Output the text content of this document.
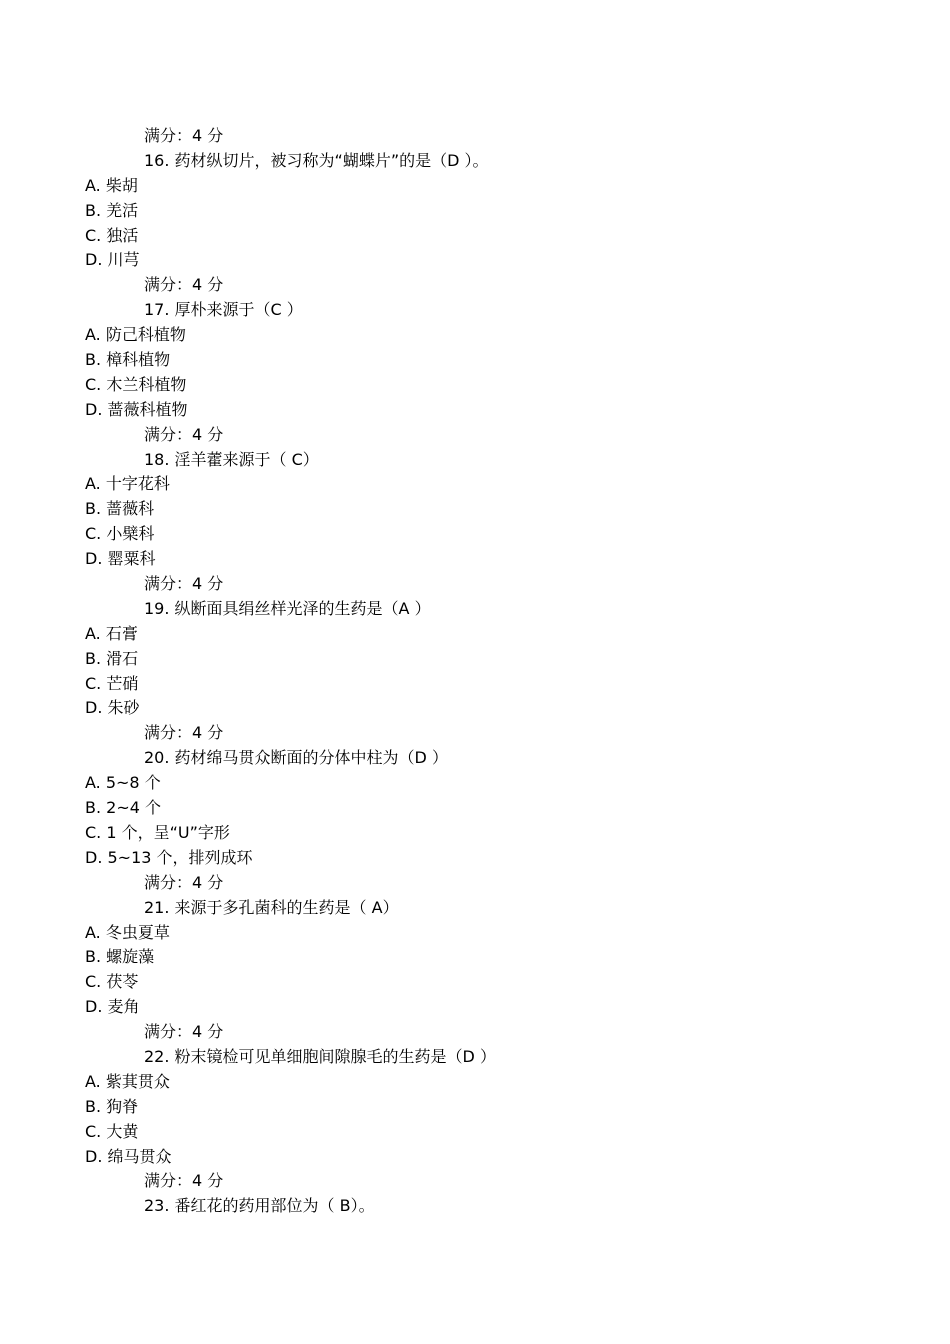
满分：4 分
16. 药材纵切片，被习称为“蝴蝶片”的是（D ）。
A. 柴胡
B. 羌活
C. 独活
D. 川芎
满分：4 分
17. 厚朴来源于（C ）
A. 防己科植物
B. 樟科植物
C. 木兰科植物
D. 蔷薇科植物
满分：4 分
18. 淫羊藿来源于（ C）
A. 十字花科
B. 蔷薇科
C. 小檗科
D. 罂粟科
满分：4 分
19. 纵断面具绢丝样光泽的生药是（A ）
A. 石膏
B. 滑石
C. 芒硝
D. 朱砂
满分：4 分
20. 药材绵马贯众断面的分体中柱为（D ）
A. 5~8 个
B. 2~4 个
C. 1 个，呈“U”字形
D. 5~13 个，排列成环
满分：4 分
21. 来源于多孔菌科的生药是（ A）
A. 冬虫夏草
B. 螺旋藻
C. 茯苓
D. 麦角
满分：4 分
22. 粉末镜检可见单细胞间隙腺毛的生药是（D ）
A. 紫萁贯众
B. 狗脊
C. 大黄
D. 绵马贯众
满分：4 分
23. 番红花的药用部位为（ B）。
